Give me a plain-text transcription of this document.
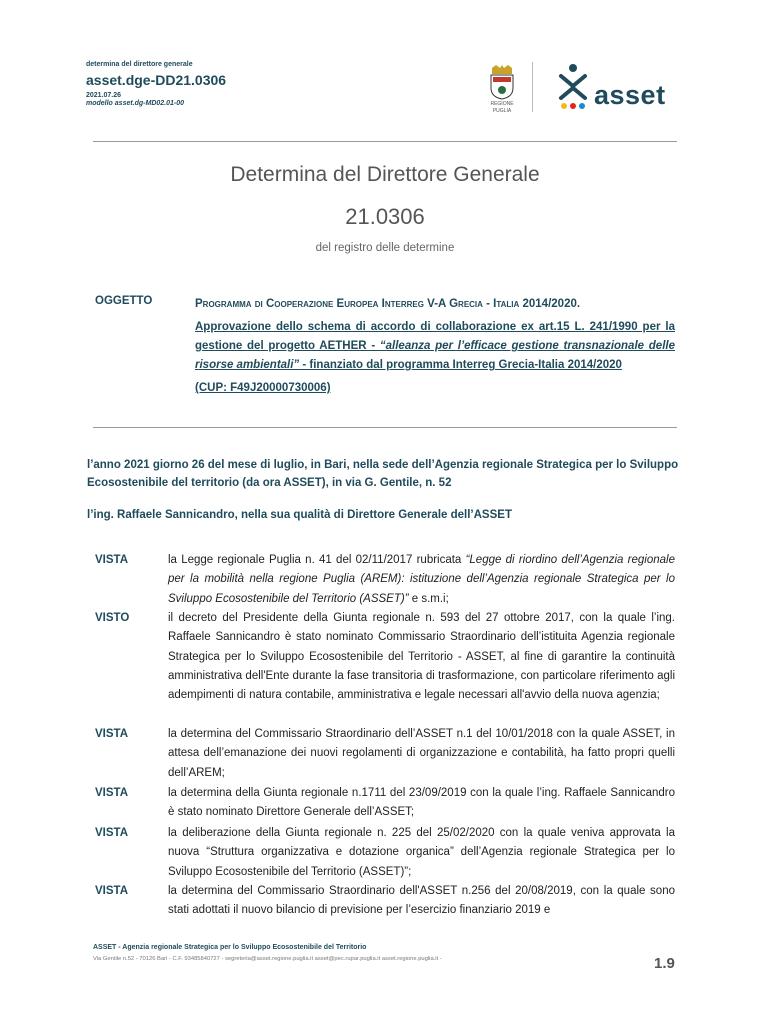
determina del direttore generale
asset.dge-DD21.0306
2021.07.26
modello asset.dg-MD02.01-00	REGIONE
PUGLIA
asset
Determina del Direttore Generale
21.0306
del registro delle determine
OGGETTO	Programma di Cooperazione Europea Interreg V-A Grecia - Italia 2014/2020.
Approvazione dello schema di accordo di collaborazione ex art.15 L. 241/1990 per la gestione del progetto AETHER - “alleanza per l’efficace gestione transnazionale delle risorse ambientali” - finanziato dal programma Interreg Grecia-Italia 2014/2020
(CUP: F49J20000730006)
l’anno 2021 giorno 26 del mese di luglio, in Bari, nella sede dell’Agenzia regionale Strategica per lo Sviluppo Ecosostenibile del territorio (da ora ASSET), in via G. Gentile, n. 52
l’ing. Raffaele Sannicandro, nella sua qualità di Direttore Generale dell’ASSET
VISTA	la Legge regionale Puglia n. 41 del 02/11/2017 rubricata “Legge di riordino dell’Agenzia regionale per la mobilità nella regione Puglia (AREM): istituzione dell’Agenzia regionale Strategica per lo Sviluppo Ecosostenibile del Territorio (ASSET)” e s.m.i;
VISTO	il decreto del Presidente della Giunta regionale n. 593 del 27 ottobre 2017, con la quale l’ing. Raffaele Sannicandro è stato nominato Commissario Straordinario dell’istituita Agenzia regionale Strategica per lo Sviluppo Ecosostenibile del Territorio - ASSET, al fine di garantire la continuità amministrativa dell'Ente durante la fase transitoria di trasformazione, con particolare riferimento agli adempimenti di natura contabile, amministrativa e legale necessari all'avvio della nuova agenzia;
VISTA	la determina del Commissario Straordinario dell’ASSET n.1 del 10/01/2018 con la quale ASSET, in attesa dell’emanazione dei nuovi regolamenti di organizzazione e contabilità, ha fatto propri quelli dell’AREM;
VISTA	la determina della Giunta regionale n.1711 del 23/09/2019 con la quale l’ing. Raffaele Sannicandro è stato nominato Direttore Generale dell’ASSET;
VISTA	la deliberazione della Giunta regionale n. 225 del 25/02/2020 con la quale veniva approvata la nuova “Struttura organizzativa e dotazione organica” dell’Agenzia regionale Strategica per lo Sviluppo Ecosostenibile del Territorio (ASSET)”;
VISTA	la determina del Commissario Straordinario dell'ASSET n.256 del 20/08/2019, con la quale sono stati adottati il nuovo bilancio di previsione per l’esercizio finanziario 2019 e
ASSET - Agenzia regionale Strategica per lo Sviluppo Ecosostenibile del Territorio
Via Gentile n.52 - 70126 Bari - C.F. 93485840727 - segreteria@asset.regione.puglia.it asset@pec.rupar.puglia.it asset.regione.puglia.it -	1.9
